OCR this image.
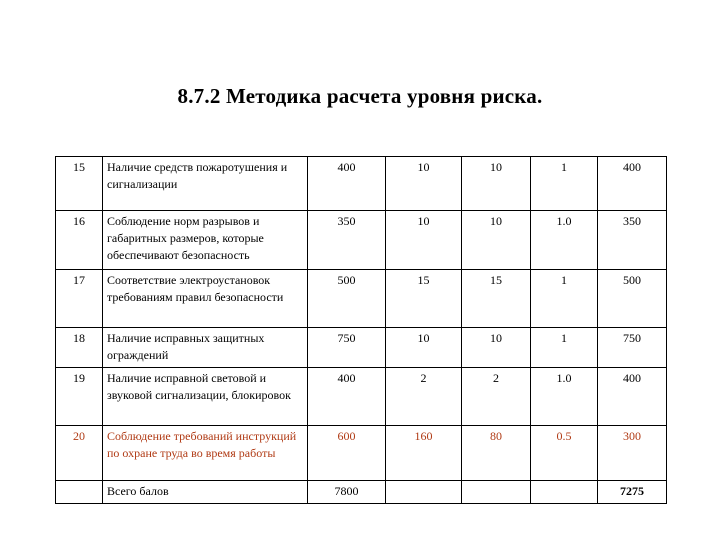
8.7.2 Методика расчета уровня риска.
15	Наличие средств пожаротушения и сигнализации	400	10	10	1	400
16	Соблюдение норм разрывов и габаритных размеров, которые обеспечивают безопасность	350	10	10	1.0	350
17	Соответствие электроустановок требованиям правил безопасности	500	15	15	1	500
18	Наличие исправных защитных ограждений	750	10	10	1	750
19	Наличие исправной световой и звуковой сигнализации, блокировок	400	2	2	1.0	400
20	Соблюдение требований инструкций по охране труда во время работы	600	160	80	0.5	300
	Всего балов	7800				7275
